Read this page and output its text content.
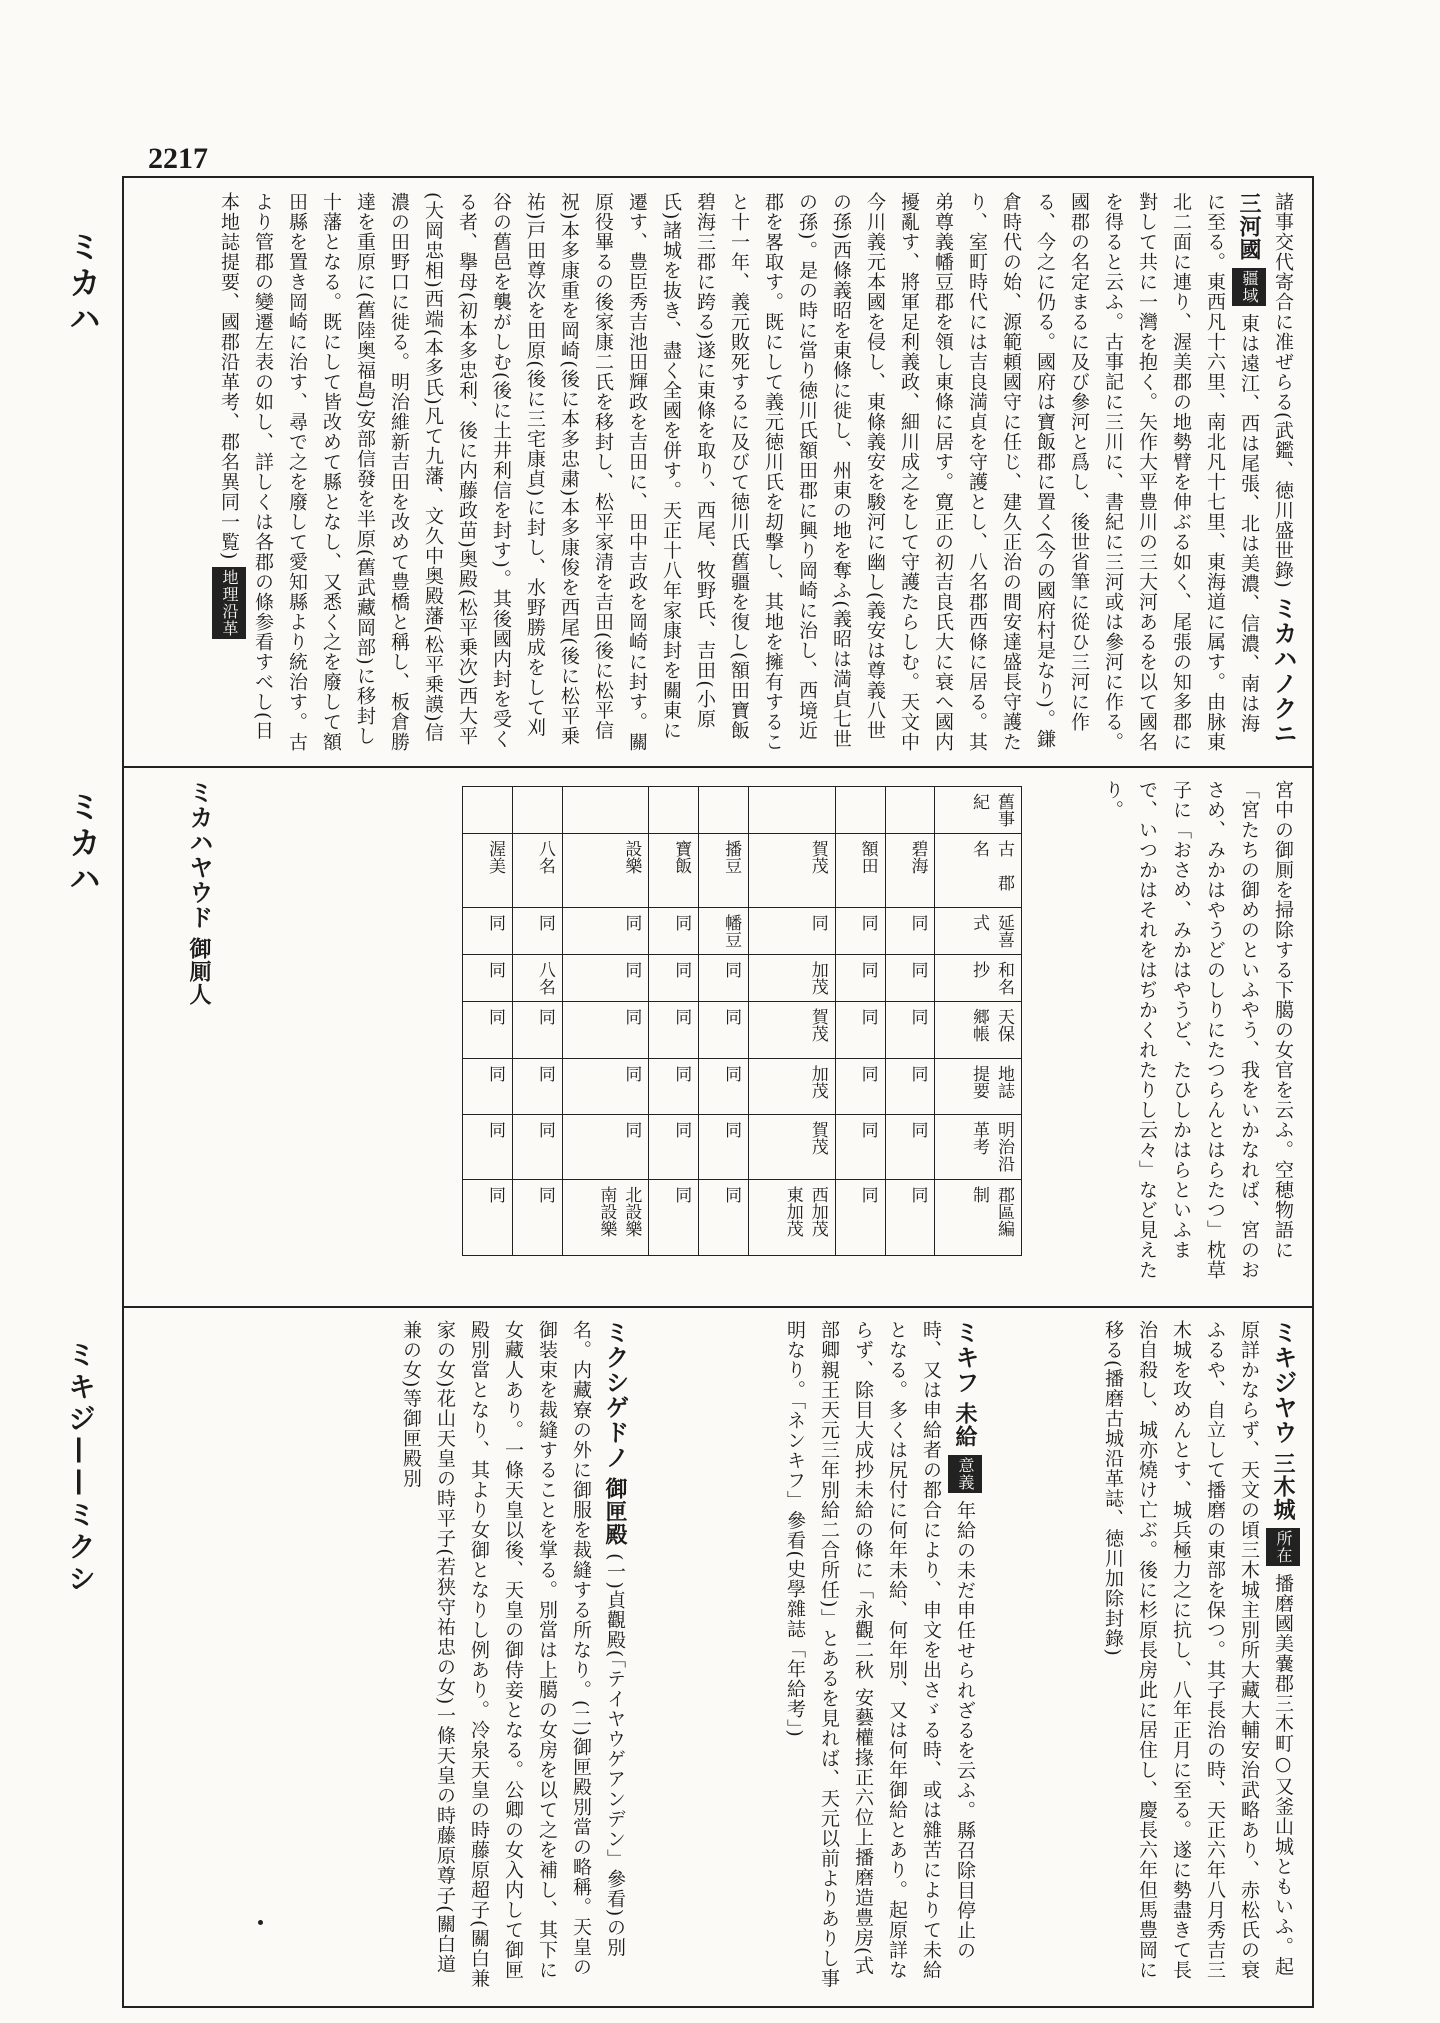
2217
諸事交代寄合に准ぜらる(武鑑、徳川盛世錄) ミカハノクニ 三河國 疆域 東は遠江、西は尾張、北は美濃、信濃、南は海に至る。東西凡十六里、南北凡十七里、東海道に属す。由脉東北二面に連り、渥美郡の地勢臂を伸ぶる如く、尾張の知多郡に對して共に一灣を抱く。矢作大平豊川の三大河あるを以て國名を得ると云ふ。古事記に三川に、書紀に三河或は參河に作る。國郡の名定まるに及び參河と爲し、後世省筆に從ひ三河に作る、今之に仍る。國府は寶飯郡に置く(今の國府村是なり)。鎌倉時代の始、源範頼國守に任じ、建久正治の間安達盛長守護たり、室町時代には吉良満貞を守護とし、八名郡西條に居る。其弟尊義幡豆郡を領し東條に居す。寛正の初吉良氏大に衰へ國内擾亂す、將軍足利義政、細川成之をして守護たらしむ。天文中今川義元本國を侵し、東條義安を駿河に幽し(義安は尊義八世の孫)西條義昭を東條に徙し、州東の地を奪ふ(義昭は満貞七世の孫)。是の時に當り徳川氏額田郡に興り岡崎に治し、西境近郡を畧取す。既にして義元徳川氏を刧撃し、其地を擁有すること十一年、義元敗死するに及びて徳川氏舊疆を復し(額田寶飯碧海三郡に跨る)遂に東條を取り、西尾、牧野氏、吉田(小原氏)諸城を抜き、盡く全國を併す。天正十八年家康封を關東に遷す、豊臣秀吉池田輝政を吉田に、田中吉政を岡崎に封す。關原役畢るの後家康二氏を移封し、松平家清を吉田(後に松平信祝)本多康重を岡崎(後に本多忠粛)本多康俊を西尾(後に松平乗祐)戸田尊次を田原(後に三宅康貞)に封し、水野勝成をして刈谷の舊邑を襲がしむ(後に土井利信を封す)。其後國内封を受くる者、擧母(初本多忠利、後に内藤政苗)奥殿(松平乗次)西大平(大岡忠相)西端(本多氏)凡て九藩、文久中奥殿藩(松平乗謨)信濃の田野口に徙る。明治維新吉田を改めて豊橋と稱し、板倉勝達を重原に(舊陸奥福島)安部信發を半原(舊武藏岡部)に移封し十藩となる。既にして皆改めて縣となし、又悉く之を廢して額田縣を置き岡崎に治す、尋で之を廢して愛知縣より統治す。古より管郡の變遷左表の如し、詳しくは各郡の條参看すべし(日本地誌提要、國郡沿革考、郡名異同一覧) 地理沿革
宮中の御厠を掃除する下臈の女官を云ふ。空穂物語に「宮たちの御めのといふやう、我をいかなれば、宮のおさめ、みかはやうどのしりにたつらんとはらたつ」枕草子に「おさめ、みかはやうど、たひしかはらといふまで、いつかはそれをはぢかくれたりし云々」など見えたり。
舊事紀	古　郡　名	延喜式	和名抄	天保郷帳	地誌提要	明治沿革考	郡區編制
	碧海	同	同	同	同	同	同
	額田	同	同	同	同	同	同
	賀茂	同	加茂	賀茂	加茂	賀茂	西加茂 東加茂
	播豆	幡豆	同	同	同	同	同
	寶飯	同	同	同	同	同	同
	設樂	同	同	同	同	同	北設樂 南設樂
	八名	同	八名	同	同	同	同
	渥美	同	同	同	同	同	同
ミカハヤウド 御厠人
ミキジヤウ 三木城 所在 播磨國美嚢郡三木町○又釜山城ともいふ。起原詳かならず、天文の頃三木城主別所大藏大輔安治武略あり、赤松氏の衰ふるや、自立して播磨の東部を保つ。其子長治の時、天正六年八月秀吉三木城を攻めんとす、城兵極力之に抗し、八年正月に至る。遂に勢盡きて長治自殺し、城亦燒け亡ぶ。後に杉原長房此に居住し、慶長六年但馬豊岡に移る(播磨古城沿革誌、徳川加除封錄)
ミキフ 未給 意義 年給の未だ申任せられざるを云ふ。縣召除目停止の時、又は申給者の都合により、申文を出さゞる時、或は雜苦によりて未給となる。多くは尻付に何年未給、何年別、又は何年御給とあり。起原詳ならず、除目大成抄未給の條に「永觀二秋 安藝權掾正六位上播磨造豊房(式部卿親王天元三年別給二合所任)」とあるを見れば、天元以前よりありし事明なり。「ネンキフ」參看(史學雜誌「年給考」)
ミクシゲドノ 御匣殿 (一)貞觀殿(「テイヤウゲアンデン」參看)の別名。内藏寮の外に御服を裁縫する所なり。(二)御匣殿別當の略稱。天皇の御装束を裁縫することを掌る。別當は上臈の女房を以て之を補し、其下に女藏人あり。一條天皇以後、天皇の御侍妾となる。公卿の女入内して御匣殿別當となり、其より女御となりし例あり。冷泉天皇の時藤原超子(關白兼家の女)花山天皇の時平子(若狭守祐忠の女)一條天皇の時藤原尊子(關白道兼の女)等御匣殿別
ミカハ
ミカハ
ミキジ——ミクシ
